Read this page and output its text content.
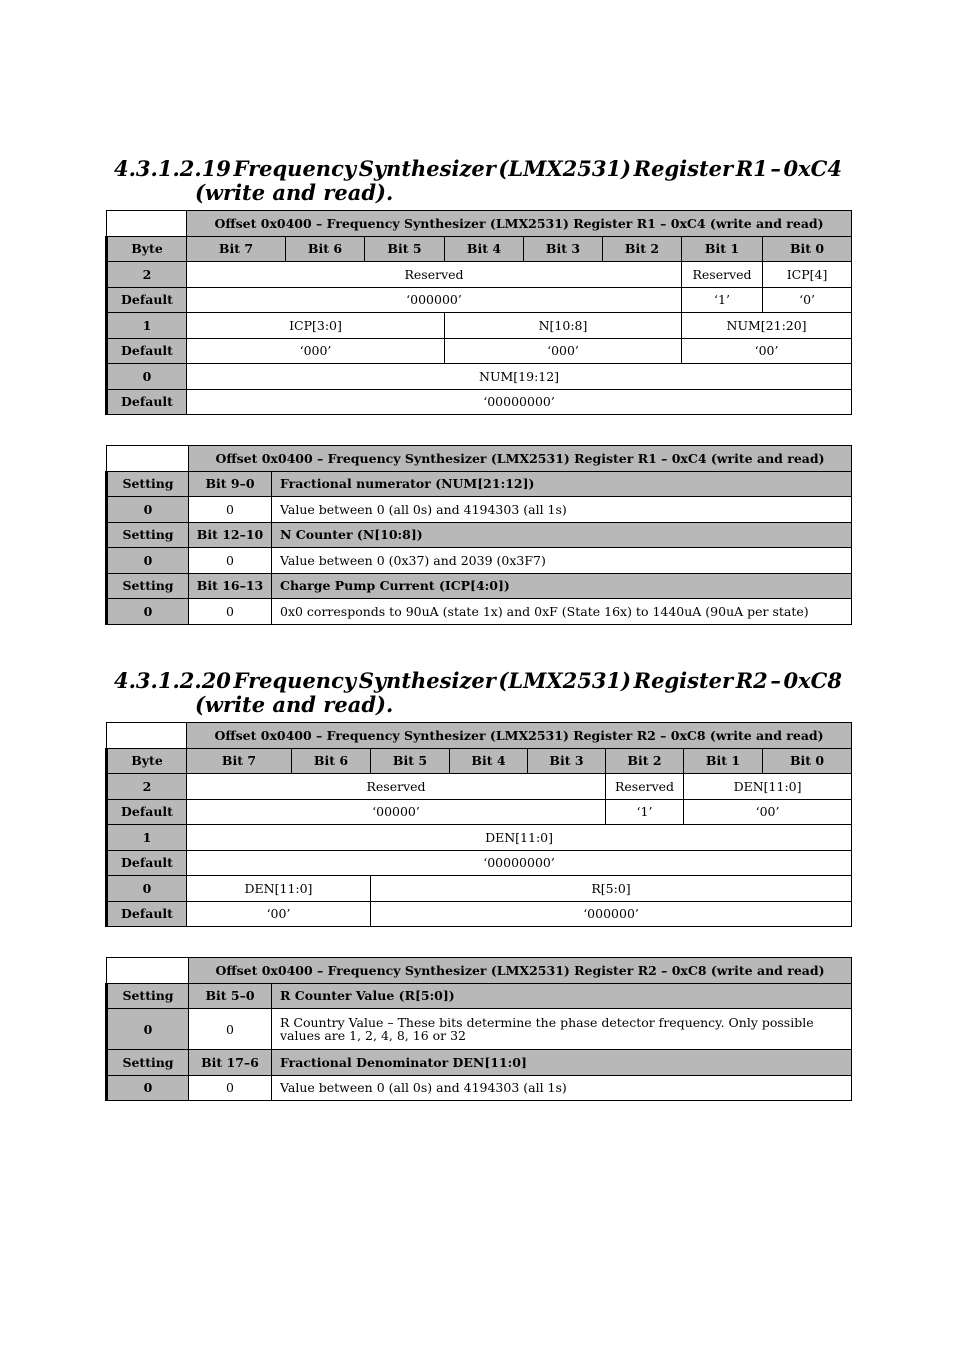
4.3.1.2.19 Frequency Synthesizer (LMX2531) Register R1 – 0xC4
(write and read).
	Offset 0x0400 – Frequency Synthesizer (LMX2531) Register R1 – 0xC4 (write and read)							
Byte	Bit 7	Bit 6	Bit 5	Bit 4	Bit 3	Bit 2	Bit 1	Bit 0
2	Reserved						Reserved	ICP[4]
Default	‘000000’						‘1’	‘0’
1	ICP[3:0]			N[10:8]			NUM[21:20]	
Default	‘000’			‘000’			‘00’	
0	NUM[19:12]							
Default	‘00000000’							
	Offset 0x0400 – Frequency Synthesizer (LMX2531) Register R1 – 0xC4 (write and read)	
Setting	Bit 9–0	Fractional numerator (NUM[21:12])
0	0	Value between 0 (all 0s) and 4194303 (all 1s)
Setting	Bit 12–10	N Counter (N[10:8])
0	0	Value between 0 (0x37) and 2039 (0x3F7)
Setting	Bit 16–13	Charge Pump Current (ICP[4:0])
0	0	0x0 corresponds to 90uA (state 1x) and 0xF (State 16x) to 1440uA (90uA per state)
4.3.1.2.20 Frequency Synthesizer (LMX2531) Register R2 – 0xC8
(write and read).
	Offset 0x0400 – Frequency Synthesizer (LMX2531) Register R2 – 0xC8 (write and read)							
Byte	Bit 7	Bit 6	Bit 5	Bit 4	Bit 3	Bit 2	Bit 1	Bit 0
2	Reserved					Reserved	DEN[11:0]	
Default	‘00000’					‘1’	‘00’	
1	DEN[11:0]							
Default	‘00000000’							
0	DEN[11:0]		R[5:0]					
Default	‘00’		‘000000’					
	Offset 0x0400 – Frequency Synthesizer (LMX2531) Register R2 – 0xC8 (write and read)	
Setting	Bit 5–0	R Counter Value (R[5:0])
0	0	R Country Value – These bits determine the phase detector frequency. Only possible values are 1, 2, 4, 8, 16 or 32
Setting	Bit 17–6	Fractional Denominator DEN[11:0]
0	0	Value between 0 (all 0s) and 4194303 (all 1s)
